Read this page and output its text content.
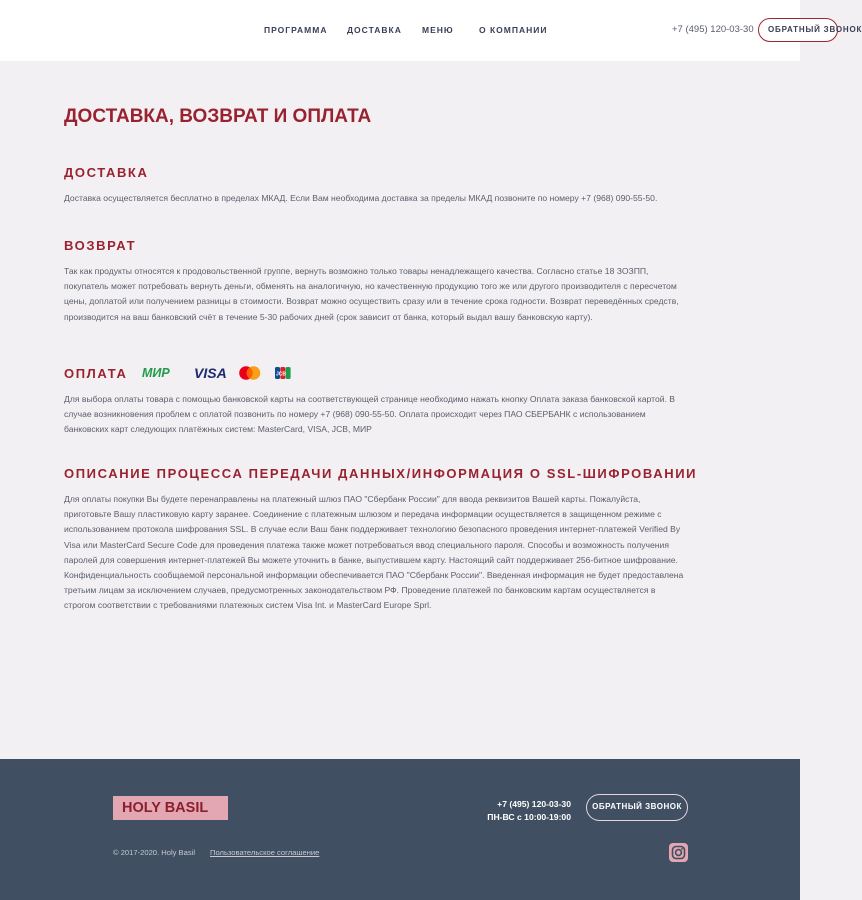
ПРОГРАММА ДОСТАВКА МЕНЮ	О КОМПАНИИ	+7 (495) 120-03-30	ОБРАТНЫЙ ЗВОНОК
ДОСТАВКА, ВОЗВРАТ И ОПЛАТА
ДОСТАВКА

Доставка осуществляется бесплатно в пределах МКАД. Если Вам необходима доставка за пределы МКАД позвоните по номеру +7 (968) 090-55-50.

ВОЗВРАТ

Так как продукты относятся к продовольственной группе, вернуть возможно только товары ненадлежащего качества. Согласно статье 18 ЗОЗПП, покупатель может потребовать вернуть деньги, обменять на аналогичную, но качественную продукцию того же или другого производителя с пересчетом цены, доплатой или получением разницы в стоимости. Возврат можно осуществить сразу или в течение срока годности. Возврат переведённых средств, производится на ваш банковский счёт в течение 5-30 рабочих дней (срок зависит от банка, который выдал вашу банковскую карту).

ОПЛАТА МИР VISA	JCB

Для выбора оплаты товара с помощью банковской карты на соответствующей странице необходимо нажать кнопку Оплата заказа банковской картой. В случае возникновения проблем с оплатой позвонить по номеру +7 (968) 090-55-50. Оплата происходит через ПАО СБЕРБАНК с использованием банковских карт следующих платёжных систем: MasterCard, VISA, JCB, МИР

ОПИСАНИЕ ПРОЦЕССА ПЕРЕДАЧИ ДАННЫХ/ИНФОРМАЦИЯ О SSL-ШИФРОВАНИИ

Для оплаты покупки Вы будете перенаправлены на платежный шлюз ПАО "Сбербанк России" для ввода реквизитов Вашей карты. Пожалуйста, приготовьте Вашу пластиковую карту заранее. Соединение с платежным шлюзом и передача информации осуществляется в защищенном режиме с использованием протокола шифрования SSL. В случае если Ваш банк поддерживает технологию безопасного проведения интернет-платежей Verified By Visa или MasterCard Secure Code для проведения платежа также может потребоваться ввод специального пароля. Способы и возможность получения паролей для совершения интернет-платежей Вы можете уточнить в банке, выпустившем карту. Настоящий сайт поддерживает 256-битное шифрование. Конфиденциальность сообщаемой персональной информации обеспечивается ПАО "Сбербанк России". Введенная информация не будет предоставлена третьим лицам за исключением случаев, предусмотренных законодательством РФ. Проведение платежей по банковским картам осуществляется в строгом соответствии с требованиями платежных систем Visa Int. и MasterCard Europe Sprl.

HOLY BASIL	+7 (495) 120-03-30
ПН-ВС с 10:00-19:00
ОБРАТНЫЙ ЗВОНОК
© 2017-2020. Holy Basil Пользовательское соглашение
